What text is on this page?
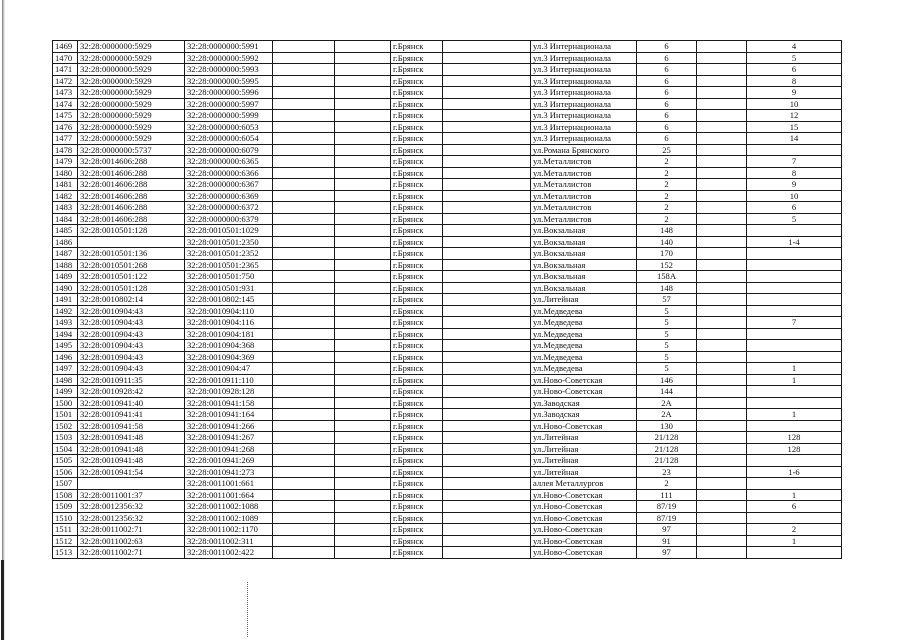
1469	32:28:0000000:5929	32:28:0000000:5991			г.Брянск		ул.3 Интернационала	6		4
1470	32:28:0000000:5929	32:28:0000000:5992			г.Брянск		ул.3 Интернационала	6		5
1471	32:28:0000000:5929	32:28:0000000:5993			г.Брянск		ул.3 Интернационала	6		6
1472	32:28:0000000:5929	32:28:0000000:5995			г.Брянск		ул.3 Интернационала	6		8
1473	32:28:0000000:5929	32:28:0000000:5996			г.Брянск		ул.3 Интернационала	6		9
1474	32:28:0000000:5929	32:28:0000000:5997			г.Брянск		ул.3 Интернационала	6		10
1475	32:28:0000000:5929	32:28:0000000:5999			г.Брянск		ул.3 Интернационала	6		12
1476	32:28:0000000:5929	32:28:0000000:6053			г.Брянск		ул.3 Интернационала	6		15
1477	32:28:0000000:5929	32:28:0000000:6054			г.Брянск		ул.3 Интернационала	6		14
1478	32:28:0000000:5737	32:28:0000000:6079			г.Брянск		ул.Романа Брянского	25		
1479	32:28:0014606:288	32:28:0000000:6365			г.Брянск		ул.Металлистов	2		7
1480	32:28:0014606:288	32:28:0000000:6366			г.Брянск		ул.Металлистов	2		8
1481	32:28:0014606:288	32:28:0000000:6367			г.Брянск		ул.Металлистов	2		9
1482	32:28:0014606:288	32:28:0000000:6369			г.Брянск		ул.Металлистов	2		10
1483	32:28:0014606:288	32:28:0000000:6372			г.Брянск		ул.Металлистов	2		6
1484	32:28:0014606:288	32:28:0000000:6379			г.Брянск		ул.Металлистов	2		5
1485	32:28:0010501:128	32:28:0010501:1029			г.Брянск		ул.Вокзальная	148		
1486		32:28:0010501:2350			г.Брянск		ул.Вокзальная	140		1-4
1487	32:28:0010501:136	32:28:0010501:2352			г.Брянск		ул.Вокзальная	170		
1488	32:28:0010501:268	32:28:0010501:2365			г.Брянск		ул.Вокзальная	152		
1489	32:28:0010501:122	32:28:0010501:750			г.Брянск		ул.Вокзальная	158А		
1490	32:28:0010501:128	32:28:0010501:931			г.Брянск		ул.Вокзальная	148		
1491	32:28:0010802:14	32:28:0010802:145			г.Брянск		ул.Литейная	57		
1492	32:28:0010904:43	32:28:0010904:110			г.Брянск		ул.Медведева	5		
1493	32:28:0010904:43	32:28:0010904:116			г.Брянск		ул.Медведева	5		7
1494	32:28:0010904:43	32:28:0010904:181			г.Брянск		ул.Медведева	5		
1495	32:28:0010904:43	32:28:0010904:368			г.Брянск		ул.Медведева	5		
1496	32:28:0010904:43	32:28:0010904:369			г.Брянск		ул.Медведева	5		
1497	32:28:0010904:43	32:28:0010904:47			г.Брянск		ул.Медведева	5		1
1498	32:28:0010911:35	32:28:0010911:110			г.Брянск		ул.Ново-Советская	146		1
1499	32:28:0010928:42	32:28:0010928:128			г.Брянск		ул.Ново-Советская	144		
1500	32:28:0010941:40	32:28:0010941:158			г.Брянск		ул.Заводская	2А		
1501	32:28:0010941:41	32:28:0010941:164			г.Брянск		ул.Заводская	2А		1
1502	32:28:0010941:58	32:28:0010941:266			г.Брянск		ул.Ново-Советская	130		
1503	32:28:0010941:48	32:28:0010941:267			г.Брянск		ул.Литейная	21/128		128
1504	32:28:0010941:48	32:28:0010941:268			г.Брянск		ул.Литейная	21/128		128
1505	32:28:0010941:48	32:28:0010941:269			г.Брянск		ул.Литейная	21/128		
1506	32:28:0010941:54	32:28:0010941:273			г.Брянск		ул.Литейная	23		1-6
1507		32:28:0011001:661			г.Брянск		аллея Металлургов	2		
1508	32:28:0011001:37	32:28:0011001:664			г.Брянск		ул.Ново-Советская	111		1
1509	32:28:0012356:32	32:28:0011002:1088			г.Брянск		ул.Ново-Советская	87/19		6
1510	32:28:0012356:32	32:28:0011002:1089			г.Брянск		ул.Ново-Советская	87/19		
1511	32:28:0011002:71	32:28:0011002:1170			г.Брянск		ул.Ново-Советская	97		2
1512	32:28:0011002:63	32:28:0011002:311			г.Брянск		ул.Ново-Советская	91		1
1513	32:28:0011002:71	32:28:0011002:422			г.Брянск		ул.Ново-Советская	97		
